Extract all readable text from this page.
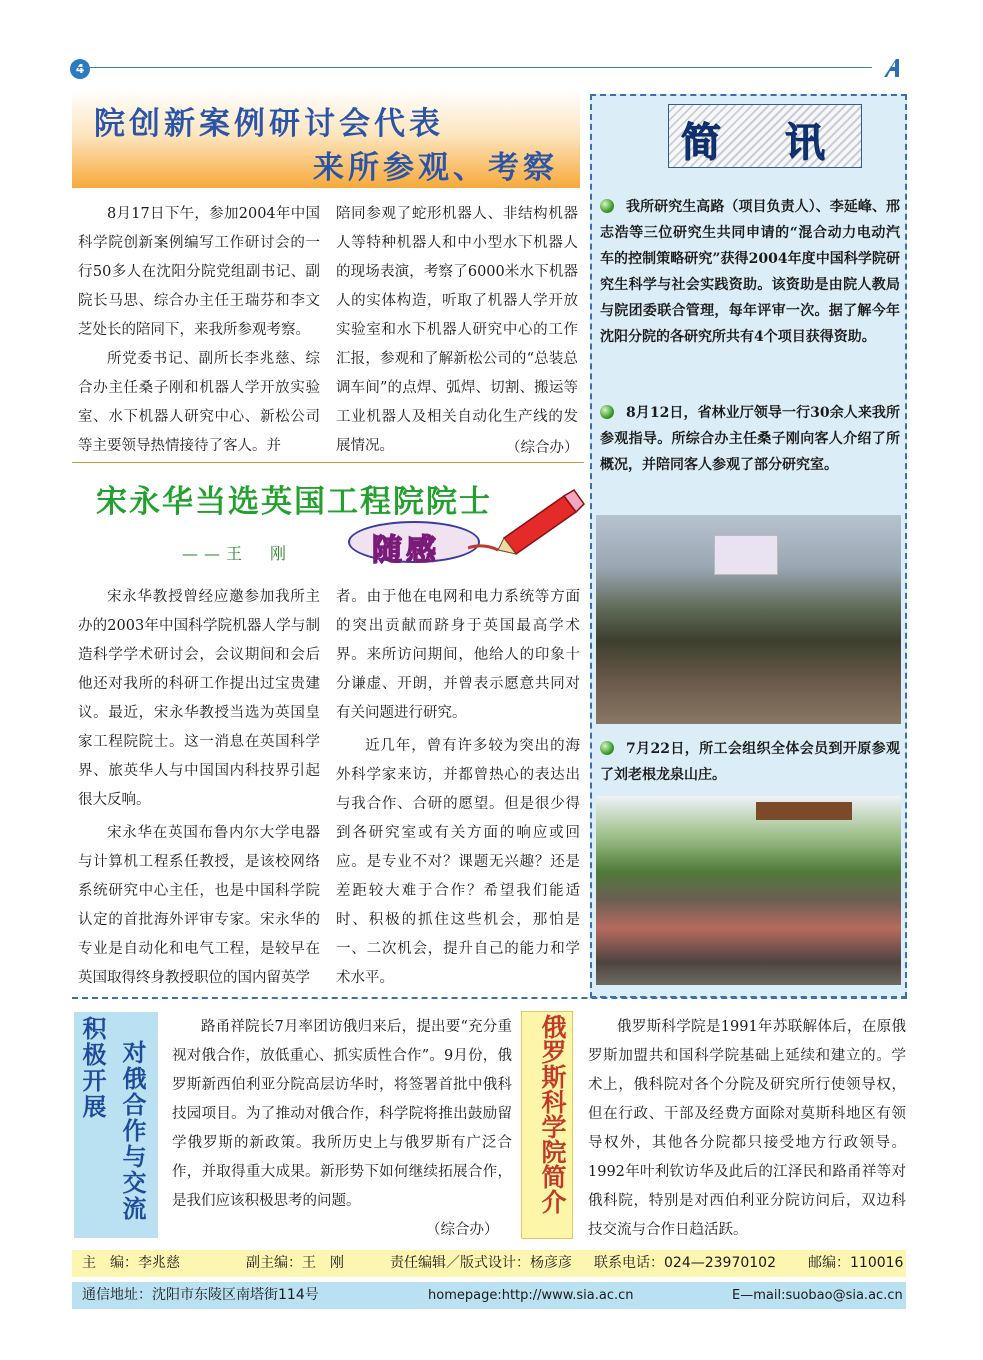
4
院创新案例研讨会代表
来所参观、考察

8月17日下午，参加2004年中国科学院创新案例编写工作研讨会的一行50多人在沈阳分院党组副书记、副院长马思、综合办主任王瑞芬和李文芝处长的陪同下，来我所参观考察。

所党委书记、副所长李兆慈、综合办主任桑子刚和机器人学开放实验室、水下机器人研究中心、新松公司等主要领导热情接待了客人。并

陪同参观了蛇形机器人、非结构机器人等特种机器人和中小型水下机器人的现场表演，考察了6000米水下机器人的实体构造，听取了机器人学开放实验室和水下机器人研究中心的工作汇报，参观和了解新松公司的“总装总调车间”的点焊、弧焊、切割、搬运等工业机器人及相关自动化生产线的发展情况。	（综合办）
简 讯
我所研究生高路（项目负责人）、李延峰、邢志浩等三位研究生共同申请的“混合动力电动汽车的控制策略研究”获得2004年度中国科学院研究生科学与社会实践资助。该资助是由院人教局与院团委联合管理，每年评审一次。据了解今年沈阳分院的各研究所共有4个项目获得资助。
8月12日，省林业厅领导一行30余人来我所参观指导。所综合办主任桑子刚向客人介绍了所概况，并陪同客人参观了部分研究室。
7月22日，所工会组织全体会员到开原参观了刘老根龙泉山庄。
宋永华当选英国工程院院士
——王　刚	随感

宋永华教授曾经应邀参加我所主办的2003年中国科学院机器人学与制造科学学术研讨会，会议期间和会后他还对我所的科研工作提出过宝贵建议。最近，宋永华教授当选为英国皇家工程院院士。这一消息在英国科学界、旅英华人与中国国内科技界引起很大反响。

宋永华在英国布鲁内尔大学电器与计算机工程系任教授，是该校网络系统研究中心主任，也是中国科学院认定的首批海外评审专家。宋永华的专业是自动化和电气工程，是较早在英国取得终身教授职位的国内留英学

者。由于他在电网和电力系统等方面的突出贡献而跻身于英国最高学术界。来所访问期间，他给人的印象十分谦虚、开朗，并曾表示愿意共同对有关问题进行研究。

近几年，曾有许多较为突出的海外科学家来访，并都曾热心的表达出与我合作、合研的愿望。但是很少得到各研究室或有关方面的响应或回应。是专业不对？课题无兴趣？还是差距较大难于合作？希望我们能适时、积极的抓住这些机会，那怕是一、二次机会，提升自己的能力和学术水平。

对俄合作与交流
积极开展	路甬祥院长7月率团访俄归来后，提出要“充分重视对俄合作，放低重心、抓实质性合作”。9月份，俄罗斯新西伯利亚分院高层访华时，将签署首批中俄科技园项目。为了推动对俄合作，科学院将推出鼓励留学俄罗斯的新政策。我所历史上与俄罗斯有广泛合作，并取得重大成果。新形势下如何继续拓展合作，是我们应该积极思考的问题。

（综合办）
俄罗斯科学院简介	俄罗斯科学院是1991年苏联解体后，在原俄罗斯加盟共和国科学院基础上延续和建立的。学术上，俄科院对各个分院及研究所行使领导权，但在行政、干部及经费方面除对莫斯科地区有领导权外，其他各分院都只接受地方行政领导。1992年叶利钦访华及此后的江泽民和路甬祥等对俄科院，特别是对西伯利亚分院访问后，双边科技交流与合作日趋活跃。

主　编：李兆慈	副主编：王　刚	责任编辑／版式设计：杨彦彦 联系电话：024—23970102 邮编：110016
通信地址：沈阳市东陵区南塔街114号	homepage:http://www.sia.ac.cn	E—mail:suobao@sia.ac.cn
